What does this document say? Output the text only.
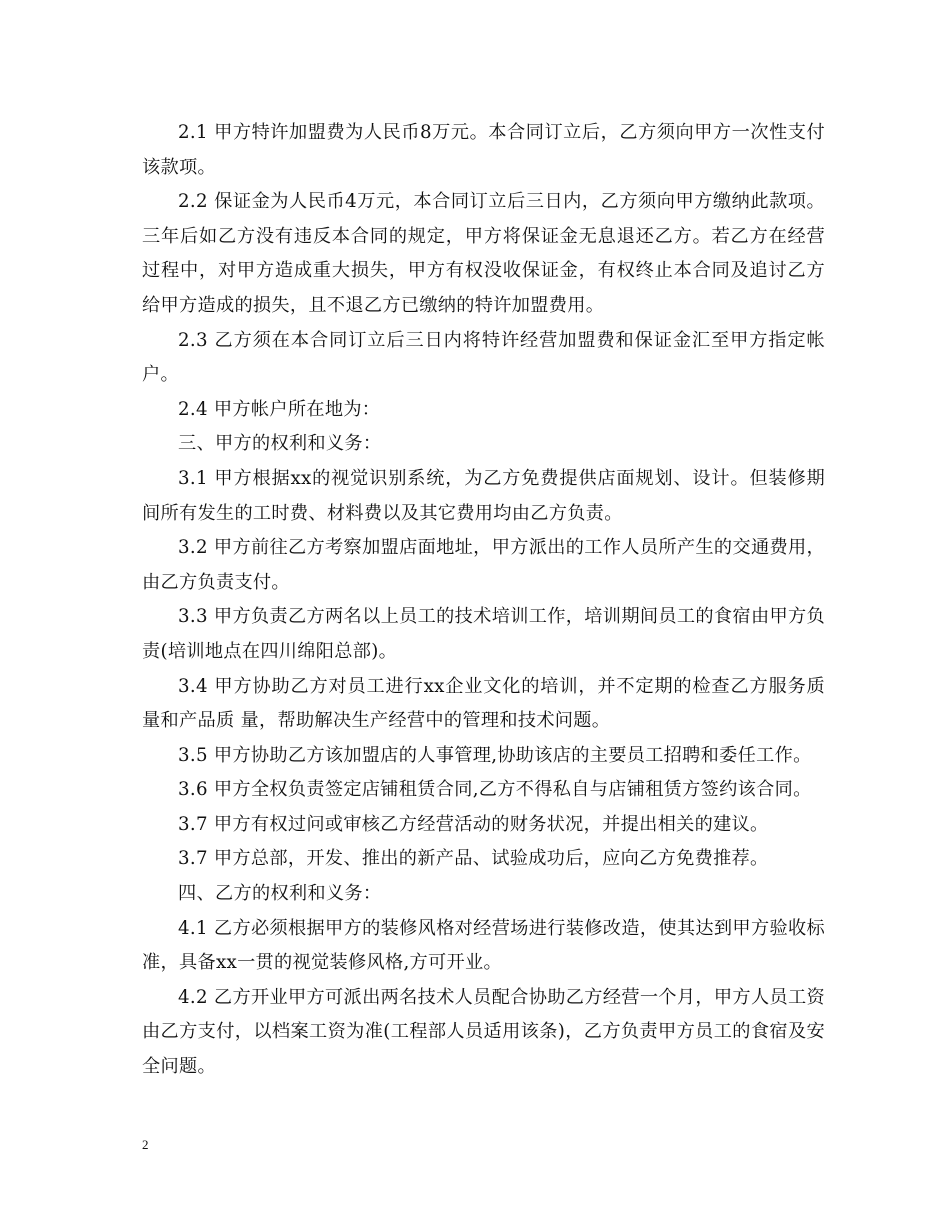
2.1 甲方特许加盟费为人民币8万元。本合同订立后，乙方须向甲方一次性支付该款项。

2.2 保证金为人民币4万元，本合同订立后三日内，乙方须向甲方缴纳此款项。三年后如乙方没有违反本合同的规定，甲方将保证金无息退还乙方。若乙方在经营过程中，对甲方造成重大损失，甲方有权没收保证金，有权终止本合同及追讨乙方给甲方造成的损失，且不退乙方已缴纳的特许加盟费用。

2.3 乙方须在本合同订立后三日内将特许经营加盟费和保证金汇至甲方指定帐户。

2.4 甲方帐户所在地为：

三、甲方的权利和义务：

3.1 甲方根据xx的视觉识别系统，为乙方免费提供店面规划、设计。但装修期间所有发生的工时费、材料费以及其它费用均由乙方负责。

3.2 甲方前往乙方考察加盟店面地址，甲方派出的工作人员所产生的交通费用，由乙方负责支付。

3.3 甲方负责乙方两名以上员工的技术培训工作，培训期间员工的食宿由甲方负责(培训地点在四川绵阳总部)。

3.4 甲方协助乙方对员工进行xx企业文化的培训，并不定期的检查乙方服务质量和产品质 量，帮助解决生产经营中的管理和技术问题。

3.5 甲方协助乙方该加盟店的人事管理,协助该店的主要员工招聘和委任工作。

3.6 甲方全权负责签定店铺租赁合同,乙方不得私自与店铺租赁方签约该合同。

3.7 甲方有权过问或审核乙方经营活动的财务状况，并提出相关的建议。

3.7 甲方总部，开发、推出的新产品、试验成功后，应向乙方免费推荐。

四、乙方的权利和义务：

4.1 乙方必须根据甲方的装修风格对经营场进行装修改造，使其达到甲方验收标准，具备xx一贯的视觉装修风格,方可开业。

4.2 乙方开业甲方可派出两名技术人员配合协助乙方经营一个月，甲方人员工资由乙方支付，以档案工资为准(工程部人员适用该条)，乙方负责甲方员工的食宿及安全问题。

2
